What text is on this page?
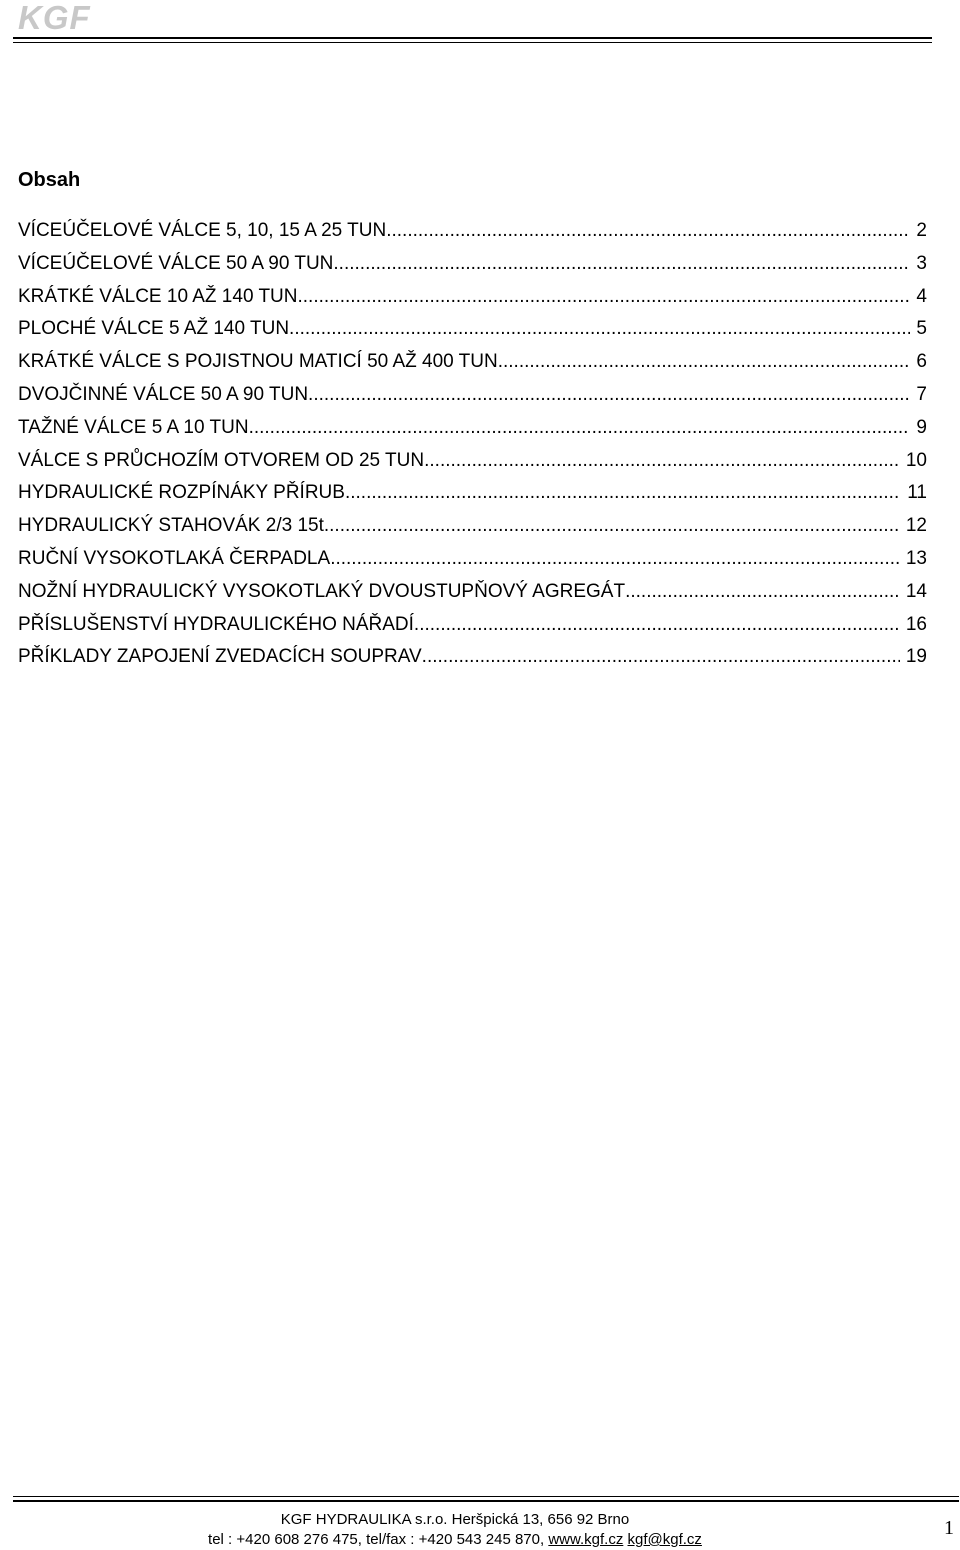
KGF
Obsah
VÍCEÚČELOVÉ VÁLCE 5, 10, 15 A 25 TUN .....	2
VÍCEÚČELOVÉ VÁLCE 50 A 90 TUN .....	3
KRÁTKÉ VÁLCE 10 AŽ 140 TUN .....	4
PLOCHÉ VÁLCE 5 AŽ 140 TUN .....	5
KRÁTKÉ VÁLCE S POJISTNOU MATICÍ 50 AŽ 400 TUN .....	6
DVOJČINNÉ VÁLCE 50 A 90 TUN .....	7
TAŽNÉ VÁLCE 5 A 10 TUN .....	9
VÁLCE S PRŮCHOZÍM OTVOREM OD 25 TUN .....	10
HYDRAULICKÉ ROZPÍNÁKY PŘÍRUB .....	11
HYDRAULICKÝ STAHOVÁK 2/3 15t .....	12
RUČNÍ VYSOKOTLAKÁ ČERPADLA .....	13
NOŽNÍ HYDRAULICKÝ VYSOKOTLAKÝ DVOUSTUPŇOVÝ AGREGÁT .....	14
PŘÍSLUŠENSTVÍ HYDRAULICKÉHO NÁŘADÍ .....	16
PŘÍKLADY ZAPOJENÍ ZVEDACÍCH SOUPRAV .....	19
KGF HYDRAULIKA s.r.o. Heršpická 13, 656 92 Brno
tel : +420 608 276 475, tel/fax : +420 543 245 870, www.kgf.cz kgf@kgf.cz
1
